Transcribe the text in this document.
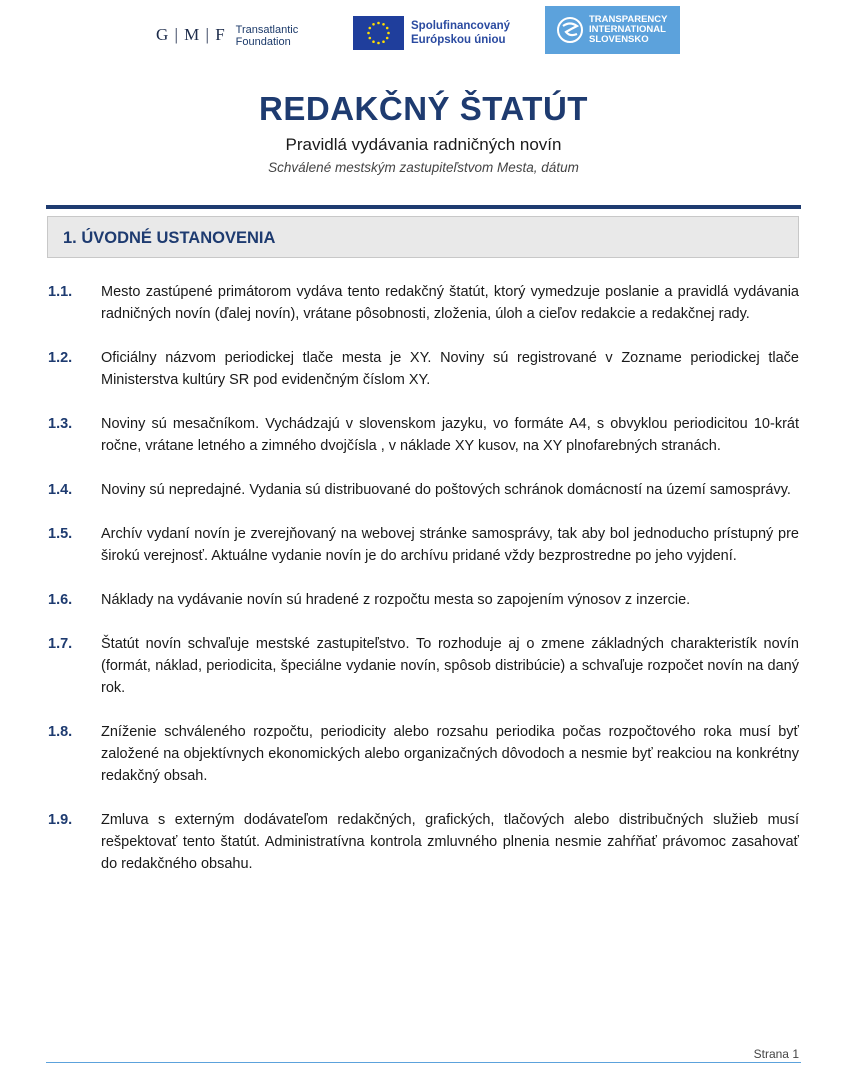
G | M | F Transatlantic
Foundation
Spolufinancovaný
Európskou úniou
TRANSPARENCY
INTERNATIONAL
SLOVENSKO
REDAKČNÝ ŠTATÚT
Pravidlá vydávania radničných novín
Schválené mestským zastupiteľstvom Mesta, dátum
1. ÚVODNÉ USTANOVENIA
1.1.	Mesto zastúpené primátorom vydáva tento redakčný štatút, ktorý vymedzuje poslanie a pravidlá vydávania radničných novín (ďalej novín), vrátane pôsobnosti, zloženia, úloh a cieľov redakcie a redakčnej rady.
1.2.	Oficiálny názvom periodickej tlače mesta je XY. Noviny sú registrované v Zozname periodickej tlače Ministerstva kultúry SR pod evidenčným číslom XY.
1.3.	Noviny sú mesačníkom. Vychádzajú v slovenskom jazyku, vo formáte A4, s obvyklou periodicitou 10-krát ročne, vrátane letného a zimného dvojčísla , v náklade XY kusov, na XY plnofarebných stranách.
1.4.	Noviny sú nepredajné. Vydania sú distribuované do poštových schránok domácností na území samosprávy.
1.5.	Archív vydaní novín je zverejňovaný na webovej stránke samosprávy, tak aby bol jednoducho prístupný pre širokú verejnosť. Aktuálne vydanie novín je do archívu pridané vždy bezprostredne po jeho vyjdení.
1.6.	Náklady na vydávanie novín sú hradené z rozpočtu mesta so zapojením výnosov z inzercie.
1.7.	Štatút novín schvaľuje mestské zastupiteľstvo. To rozhoduje aj o zmene základných charakteristík novín (formát, náklad, periodicita, špeciálne vydanie novín, spôsob distribúcie) a schvaľuje rozpočet novín na daný rok.
1.8.	Zníženie schváleného rozpočtu, periodicity alebo rozsahu periodika počas rozpočtového roka musí byť založené na objektívnych ekonomických alebo organizačných dôvodoch a nesmie byť reakciou na konkrétny redakčný obsah.
1.9.	Zmluva s externým dodávateľom redakčných, grafických, tlačových alebo distribučných služieb musí rešpektovať tento štatút. Administratívna kontrola zmluvného plnenia nesmie zahŕňať právomoc zasahovať do redakčného obsahu.
Strana 1
